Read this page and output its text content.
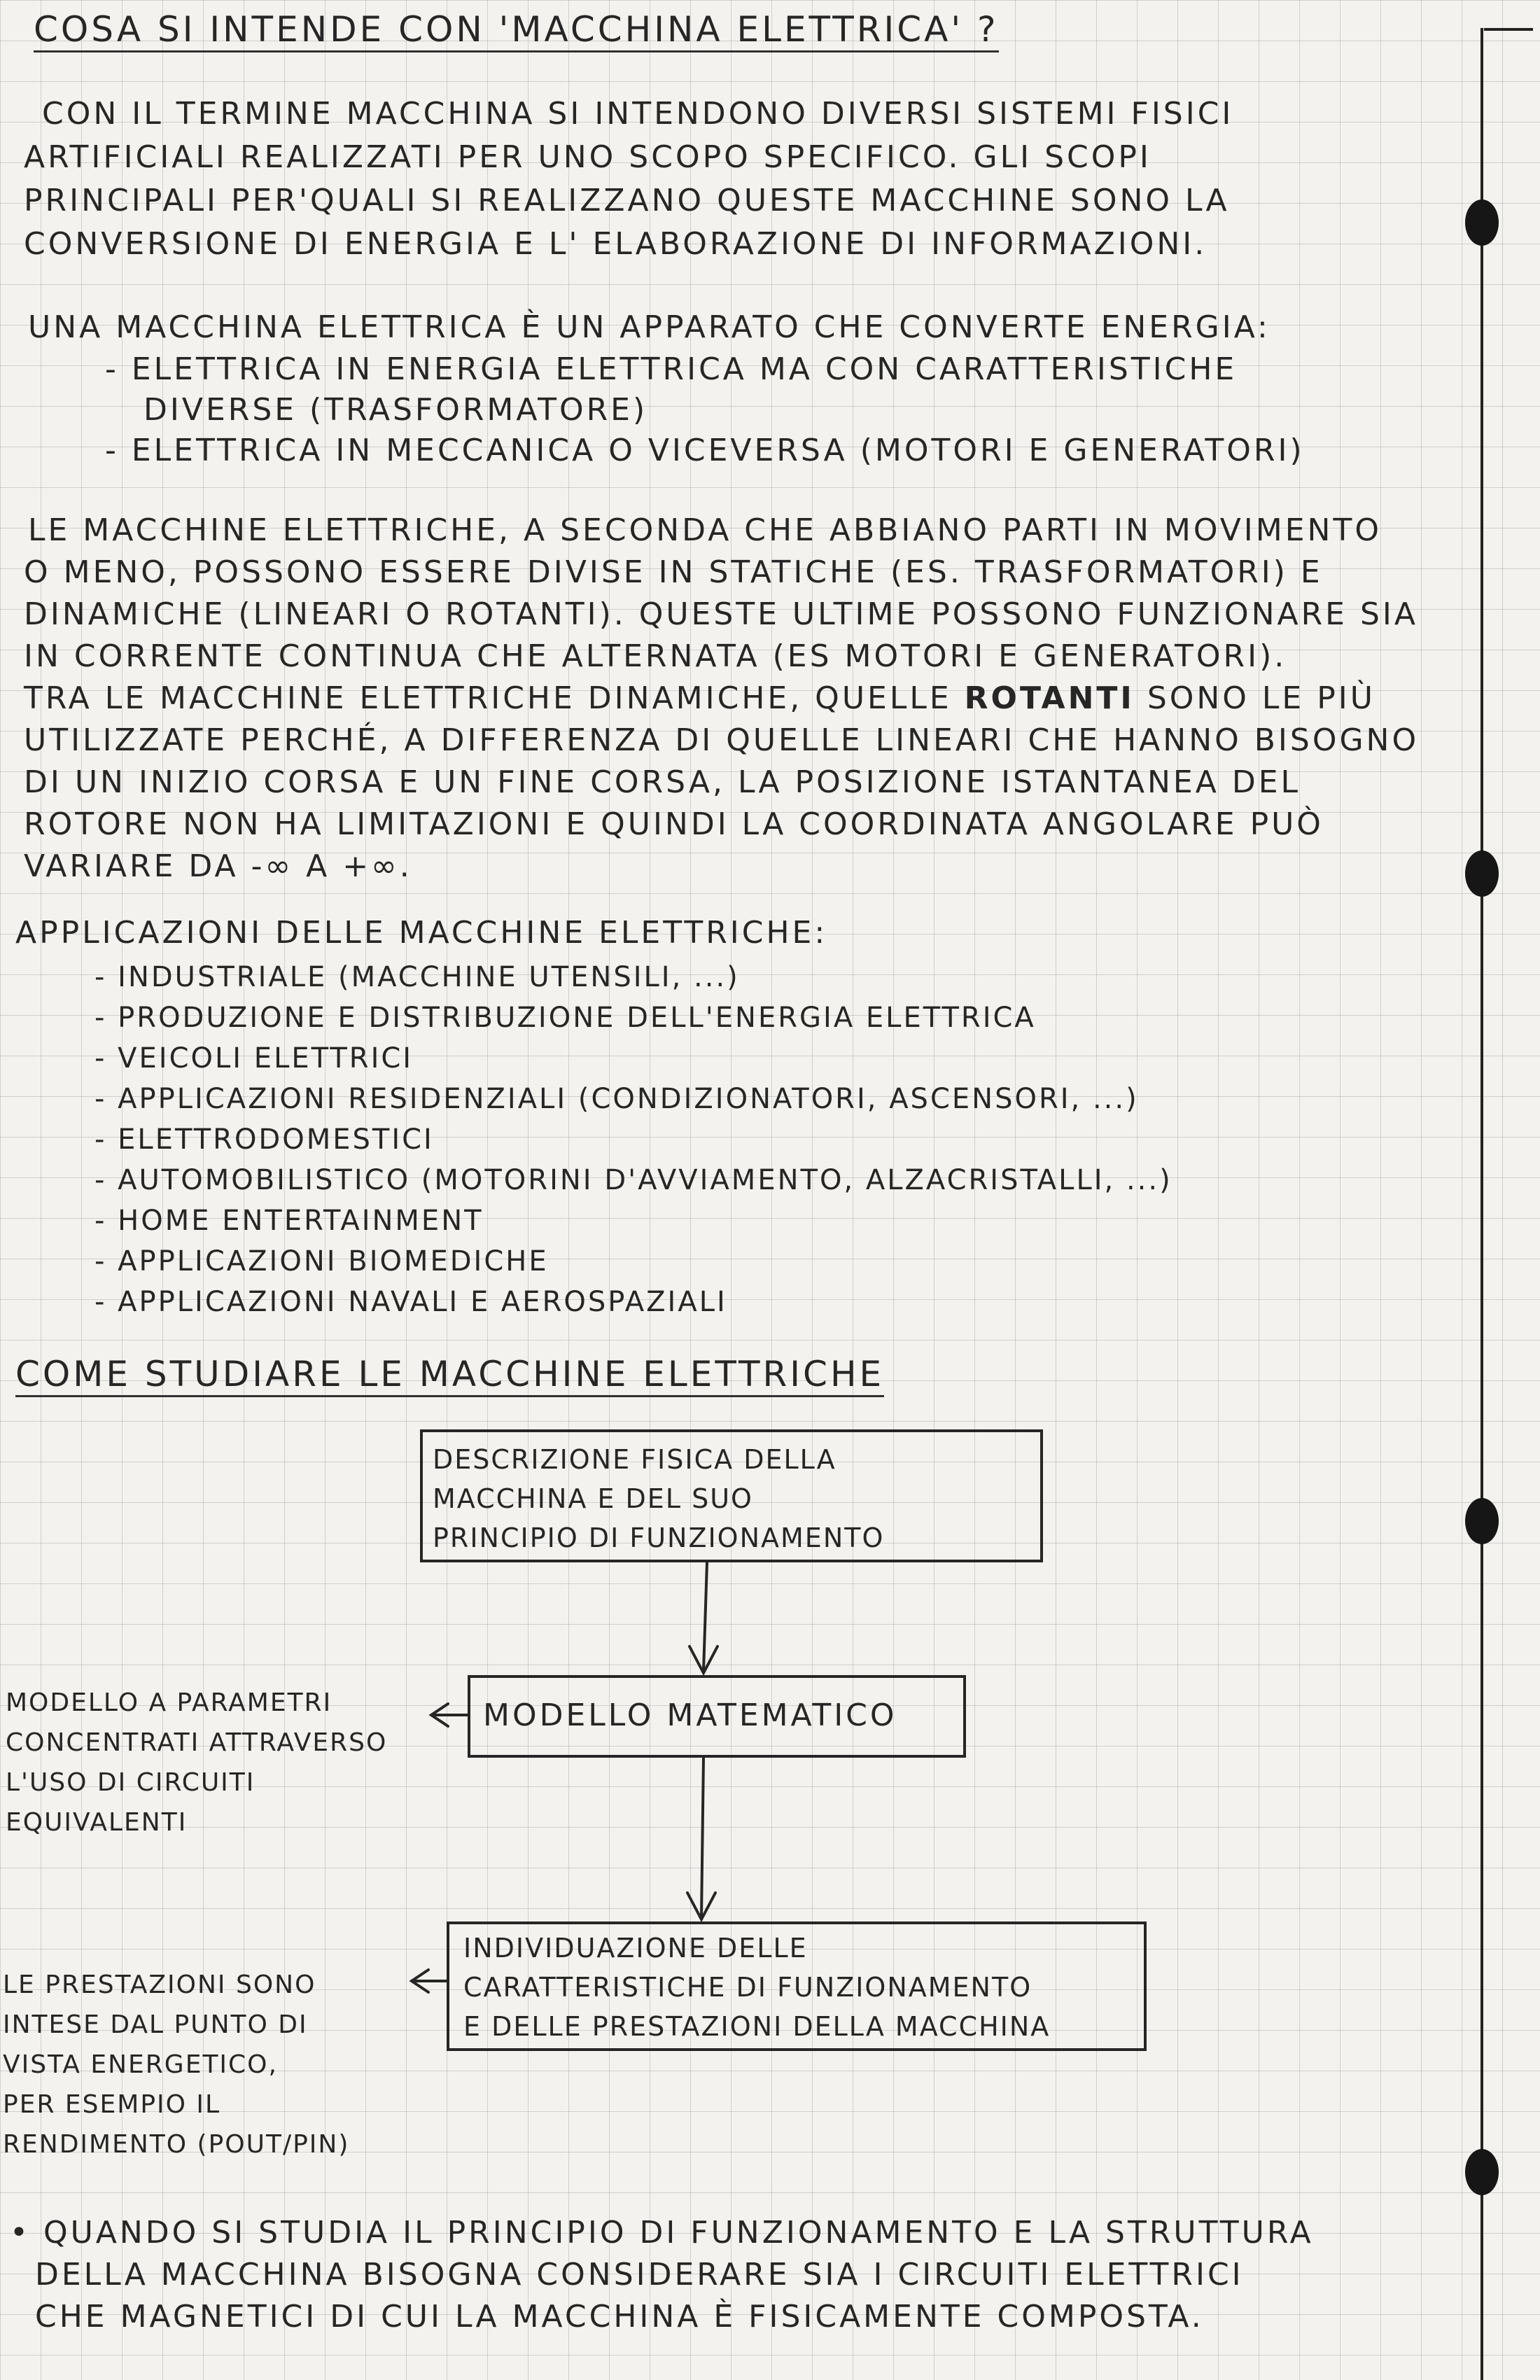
COSA SI INTENDE CON 'MACCHINA ELETTRICA' ?
CON IL TERMINE MACCHINA SI INTENDONO DIVERSI SISTEMI FISICI
ARTIFICIALI REALIZZATI PER UNO SCOPO SPECIFICO. GLI SCOPI
PRINCIPALI PER'QUALI SI REALIZZANO QUESTE MACCHINE SONO LA
CONVERSIONE DI ENERGIA E L' ELABORAZIONE DI INFORMAZIONI.
UNA MACCHINA ELETTRICA È UN APPARATO CHE CONVERTE ENERGIA:
- ELETTRICA IN ENERGIA ELETTRICA MA CON CARATTERISTICHE
DIVERSE (TRASFORMATORE)
- ELETTRICA IN MECCANICA O VICEVERSA (MOTORI E GENERATORI)
LE MACCHINE ELETTRICHE, A SECONDA CHE ABBIANO PARTI IN MOVIMENTO
O MENO, POSSONO ESSERE DIVISE IN STATICHE (ES. TRASFORMATORI) E
DINAMICHE (LINEARI O ROTANTI). QUESTE ULTIME POSSONO FUNZIONARE SIA
IN CORRENTE CONTINUA CHE ALTERNATA (ES MOTORI E GENERATORI).
TRA LE MACCHINE ELETTRICHE DINAMICHE, QUELLE ROTANTI SONO LE PIÙ
UTILIZZATE PERCHÉ, A DIFFERENZA DI QUELLE LINEARI CHE HANNO BISOGNO
DI UN INIZIO CORSA E UN FINE CORSA, LA POSIZIONE ISTANTANEA DEL
ROTORE NON HA LIMITAZIONI E QUINDI LA COORDINATA ANGOLARE PUÒ
VARIARE DA -∞ A +∞.
APPLICAZIONI DELLE MACCHINE ELETTRICHE:
- INDUSTRIALE (MACCHINE UTENSILI, ...)
- PRODUZIONE E DISTRIBUZIONE DELL'ENERGIA ELETTRICA
- VEICOLI ELETTRICI
- APPLICAZIONI RESIDENZIALI (CONDIZIONATORI, ASCENSORI, ...)
- ELETTRODOMESTICI
- AUTOMOBILISTICO (MOTORINI D'AVVIAMENTO, ALZACRISTALLI, ...)
- HOME ENTERTAINMENT
- APPLICAZIONI BIOMEDICHE
- APPLICAZIONI NAVALI E AEROSPAZIALI
COME STUDIARE LE MACCHINE ELETTRICHE
DESCRIZIONE FISICA DELLA
MACCHINA E DEL SUO
PRINCIPIO DI FUNZIONAMENTO
MODELLO MATEMATICO
INDIVIDUAZIONE DELLE
CARATTERISTICHE DI FUNZIONAMENTO
E DELLE PRESTAZIONI DELLA MACCHINA
MODELLO A PARAMETRI
CONCENTRATI ATTRAVERSO
L'USO DI CIRCUITI
EQUIVALENTI
LE PRESTAZIONI SONO
INTESE DAL PUNTO DI
VISTA ENERGETICO,
PER ESEMPIO IL
RENDIMENTO (POUT/PIN)
• QUANDO SI STUDIA IL PRINCIPIO DI FUNZIONAMENTO E LA STRUTTURA
DELLA MACCHINA BISOGNA CONSIDERARE SIA I CIRCUITI ELETTRICI
CHE MAGNETICI DI CUI LA MACCHINA È FISICAMENTE COMPOSTA.
